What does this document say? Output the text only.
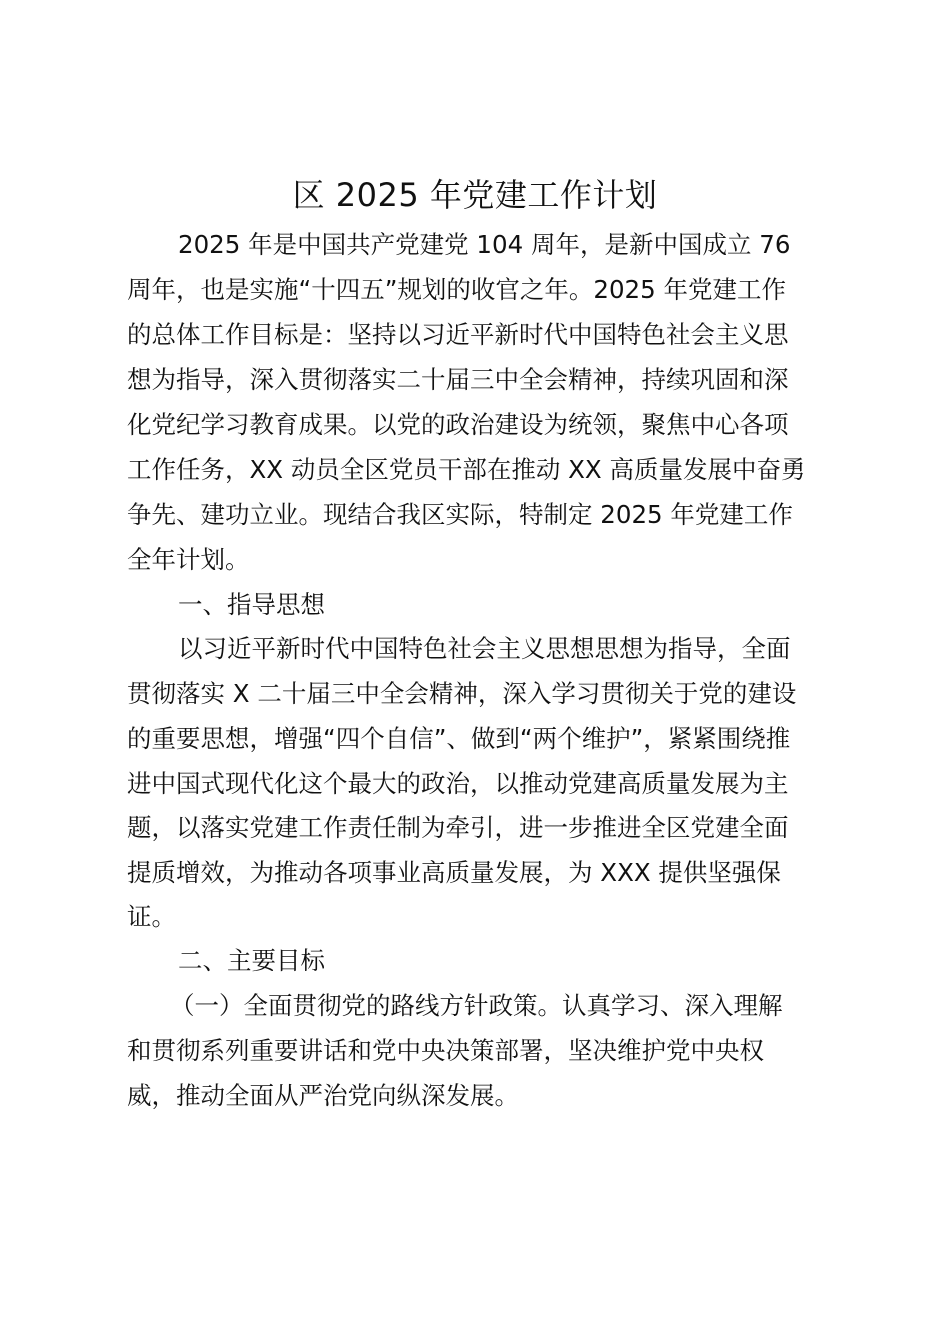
区 2025 年党建工作计划
2025 年是中国共产党建党 104 周年，是新中国成立 76
周年，也是实施“十四五”规划的收官之年。2025 年党建工作
的总体工作目标是：坚持以习近平新时代中国特色社会主义思
想为指导，深入贯彻落实二十届三中全会精神，持续巩固和深
化党纪学习教育成果。以党的政治建设为统领，聚焦中心各项
工作任务，XX 动员全区党员干部在推动 XX 高质量发展中奋勇
争先、建功立业。现结合我区实际，特制定 2025 年党建工作
全年计划。
一、指导思想
以习近平新时代中国特色社会主义思想思想为指导，全面
贯彻落实 X 二十届三中全会精神，深入学习贯彻关于党的建设
的重要思想，增强“四个自信”、做到“两个维护”，紧紧围绕推
进中国式现代化这个最大的政治，以推动党建高质量发展为主
题，以落实党建工作责任制为牵引，进一步推进全区党建全面
提质增效，为推动各项事业高质量发展，为 XXX 提供坚强保
证。
二、主要目标
（一）全面贯彻党的路线方针政策。认真学习、深入理解
和贯彻系列重要讲话和党中央决策部署，坚决维护党中央权
威，推动全面从严治党向纵深发展。
